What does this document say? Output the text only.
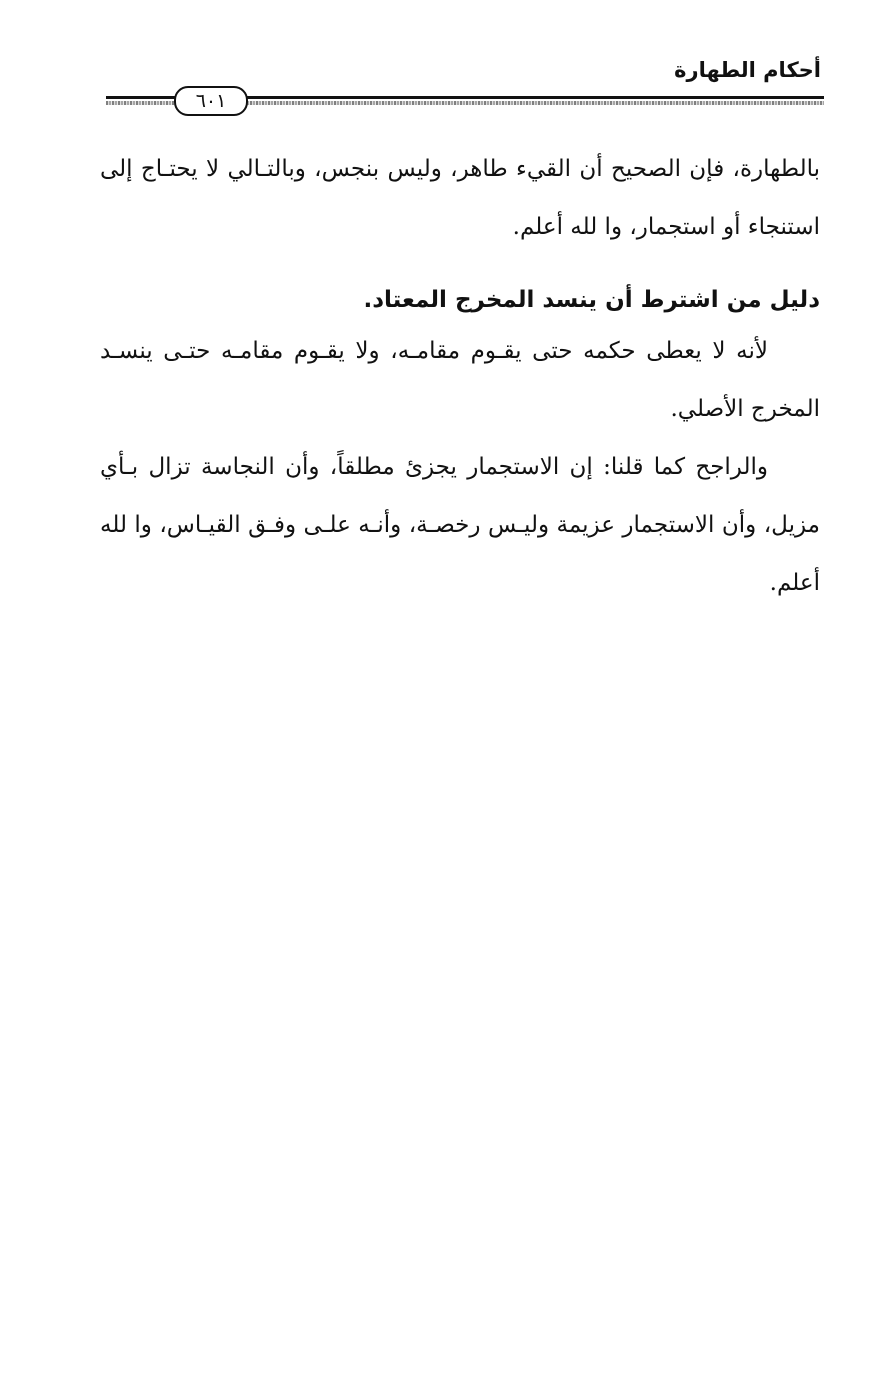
أحكام الطهارة
٦٠١

بالطهارة، فإن الصحيح أن القيء طاهر، وليس بنجس، وبالتـالي لا يحتـاج إلى استنجاء أو استجمار، وا لله أعلم.

دليل من اشترط أن ينسد المخرج المعتاد.

لأنه لا يعطى حكمه حتى يقـوم مقامـه، ولا يقـوم مقامـه حتـى ينسـد المخرج الأصلي.

والراجح كما قلنا: إن الاستجمار يجزئ مطلقاً، وأن النجاسة تزال بـأي مزيل، وأن الاستجمار عزيمة وليـس رخصـة، وأنـه علـى وفـق القيـاس، وا لله أعلم.
